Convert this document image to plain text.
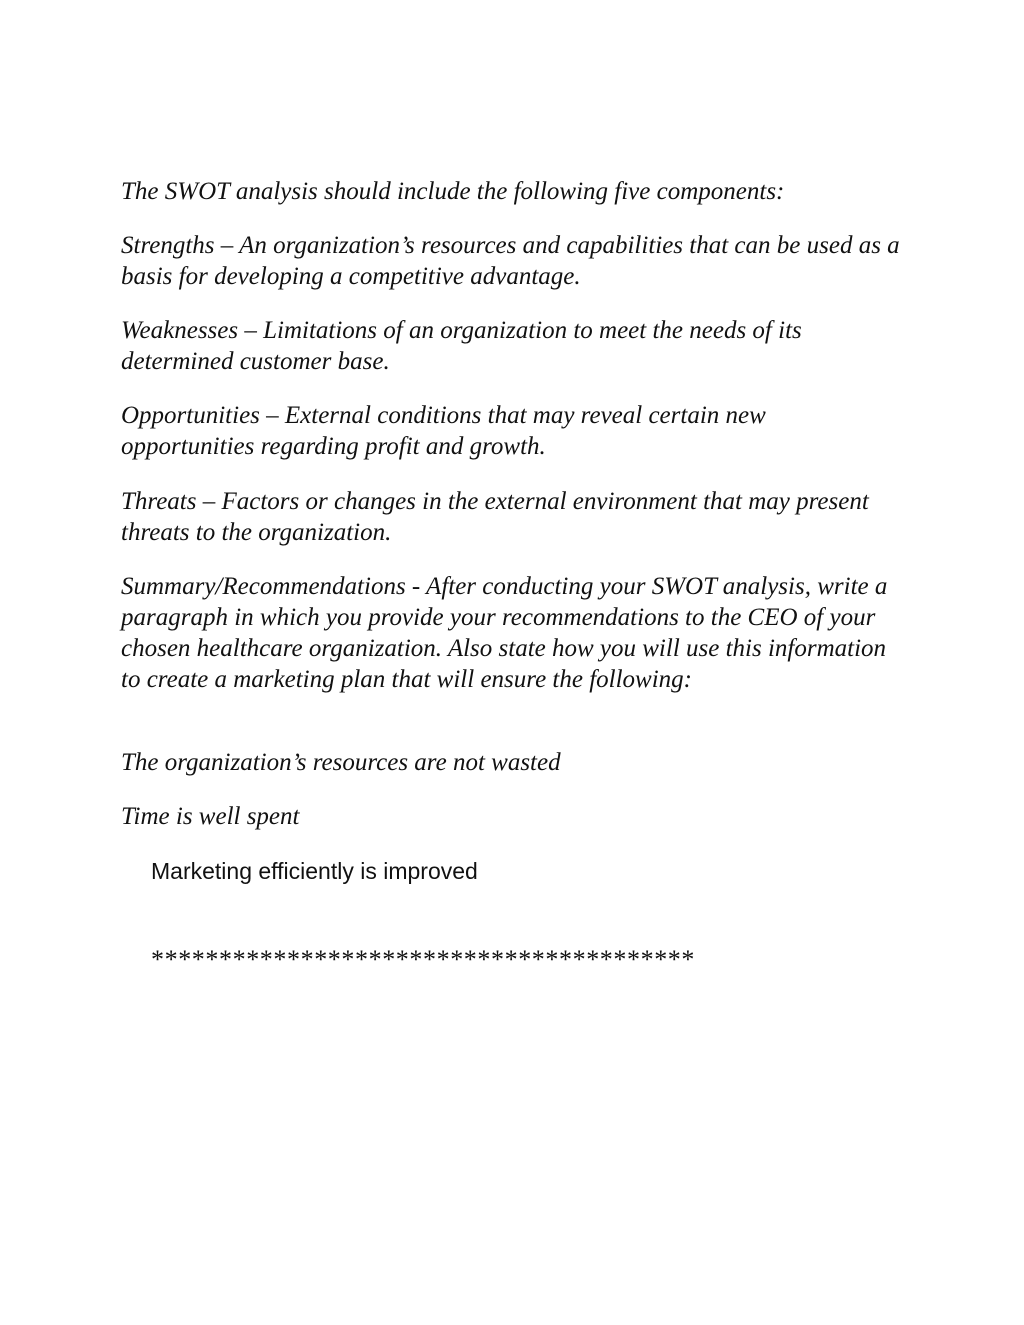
The SWOT analysis should include the following five components:

Strengths – An organization’s resources and capabilities that can be used as a basis for developing a competitive advantage.

Weaknesses – Limitations of an organization to meet the needs of its determined customer base.

Opportunities – External conditions that may reveal certain new opportunities regarding profit and growth.

Threats – Factors or changes in the external environment that may present threats to the organization.

Summary/Recommendations - After conducting your SWOT analysis, write a paragraph in which you provide your recommendations to the CEO of your chosen healthcare organization. Also state how you will use this information to create a marketing plan that will ensure the following:

The organization’s resources are not wasted

Time is well spent

Marketing efficiently is improved

****************************************
